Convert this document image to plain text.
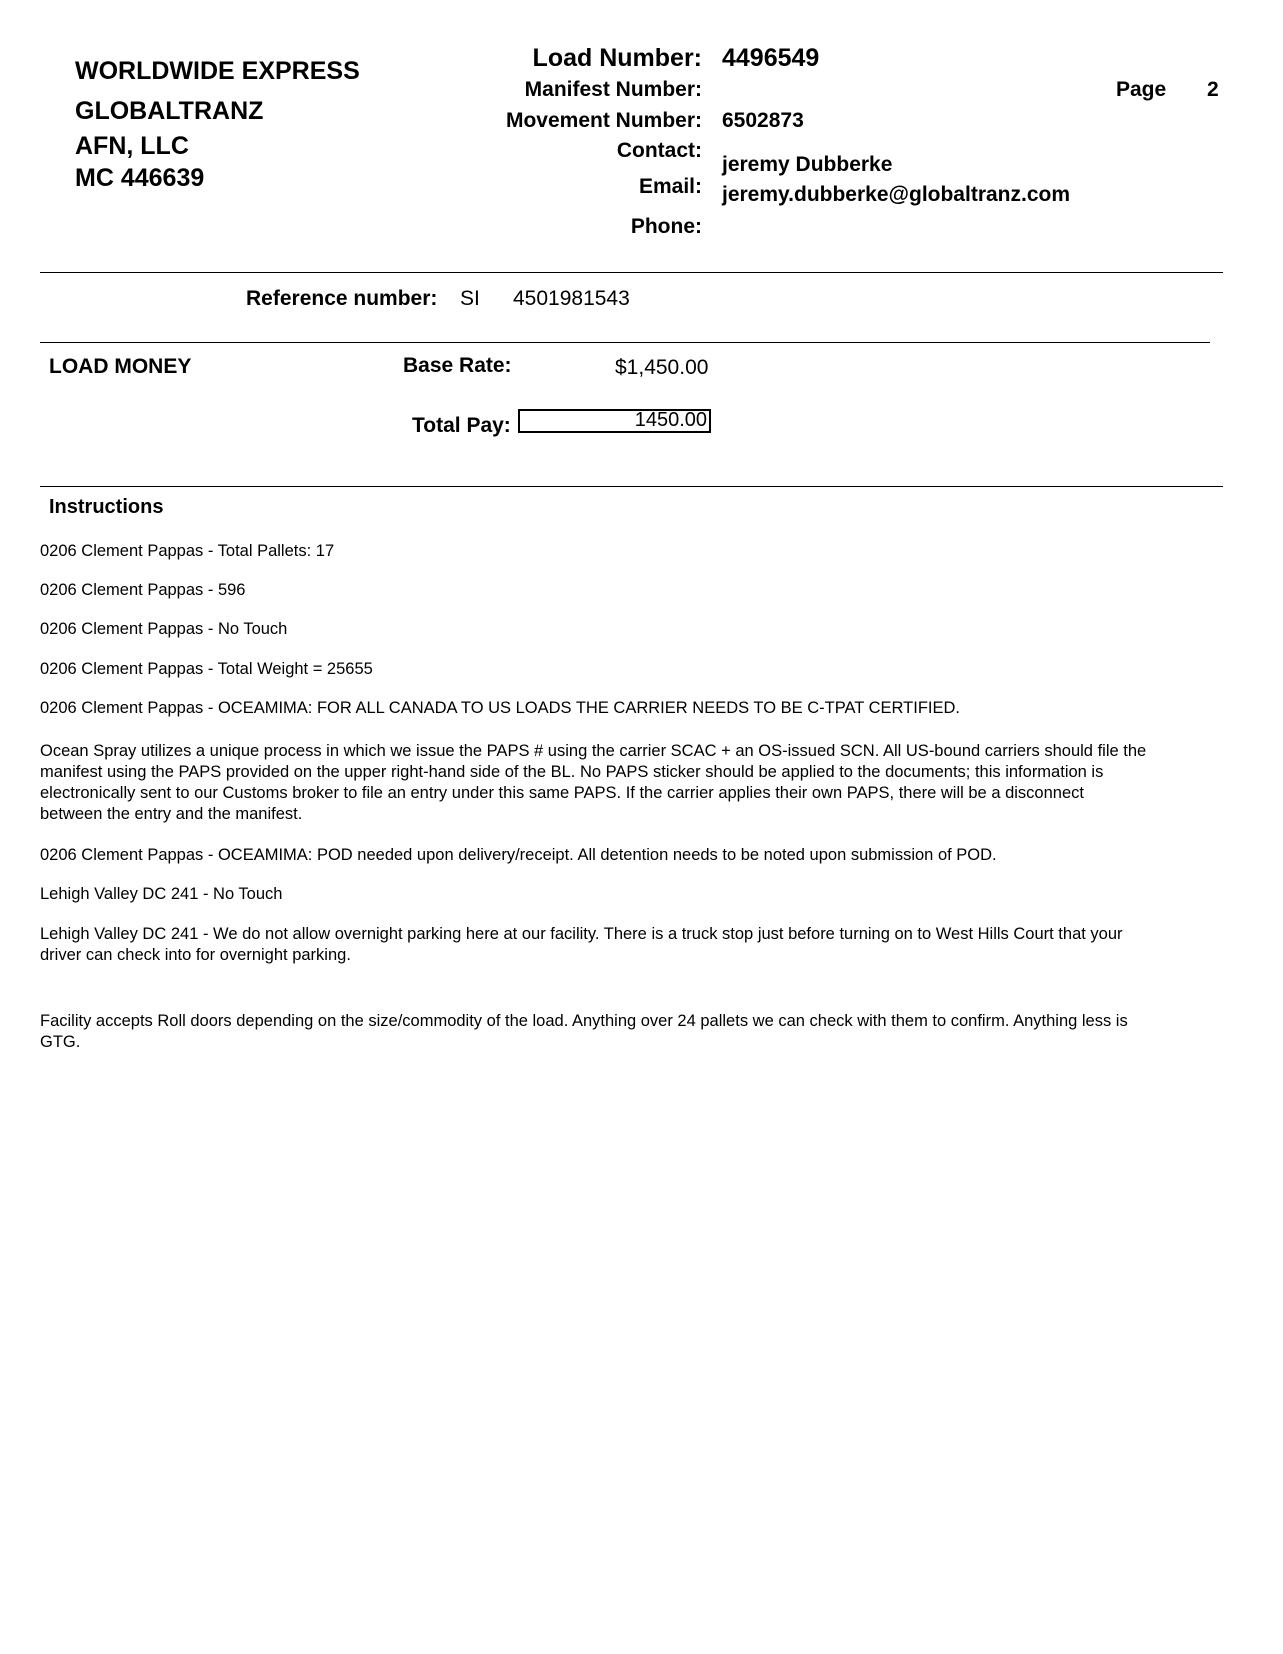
WORLDWIDE EXPRESS
GLOBALTRANZ
AFN, LLC
MC 446639
Load Number: 4496549
Manifest Number:
Movement Number: 6502873
Contact:
jeremy Dubberke
Email: jeremy.dubberke@globaltranz.com
Phone:
Page 2
Reference number: SI 4501981543
LOAD MONEY	Base Rate:	$1,450.00
Total Pay:	1450.00
Instructions
0206 Clement Pappas - Total Pallets: 17
0206 Clement Pappas - 596
0206 Clement Pappas - No Touch
0206 Clement Pappas - Total Weight = 25655
0206 Clement Pappas - OCEAMIMA: FOR ALL CANADA TO US LOADS THE CARRIER NEEDS TO BE C-TPAT CERTIFIED.
Ocean Spray utilizes a unique process in which we issue the PAPS # using the carrier SCAC + an OS-issued SCN. All US-bound carriers should file the manifest using the PAPS provided on the upper right-hand side of the BL. No PAPS sticker should be applied to the documents; this information is electronically sent to our Customs broker to file an entry under this same PAPS. If the carrier applies their own PAPS, there will be a disconnect between the entry and the manifest.
0206 Clement Pappas - OCEAMIMA: POD needed upon delivery/receipt. All detention needs to be noted upon submission of POD.
Lehigh Valley DC 241 - No Touch
Lehigh Valley DC 241 - We do not allow overnight parking here at our facility. There is a truck stop just before turning on to West Hills Court that your driver can check into for overnight parking.
Facility accepts Roll doors depending on the size/commodity of the load. Anything over 24 pallets we can check with them to confirm. Anything less is GTG.
